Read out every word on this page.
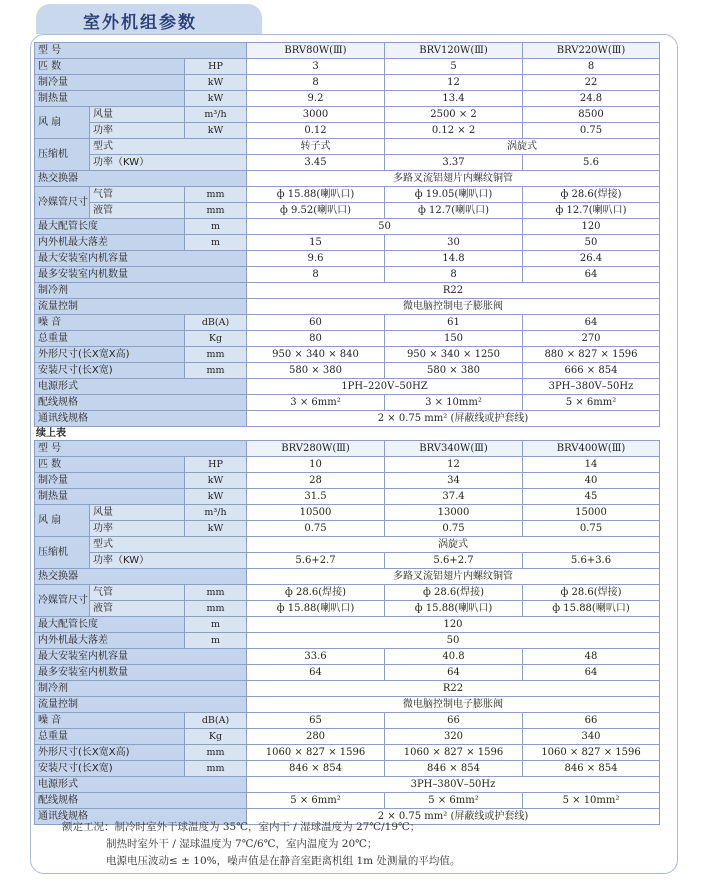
室外机组参数
型 号			BRV80W(Ⅲ)	BRV120W(Ⅲ)	BRV220W(Ⅲ)
匹 数		HP	3	5	8
制冷量		kW	8	12	22
制热量		kW	9.2	13.4	24.8
风 扇	风量	m³/h	3000	2500 × 2	8500
	功率	kW	0.12	0.12 × 2	0.75
压缩机	型式		转子式	涡旋式	
	功率（KW）		3.45	3.37	5.6
热交换器			多路叉流铝翅片内螺纹铜管		
冷媒管尺寸	气管	mm	ф 15.88(喇叭口)	ф 19.05(喇叭口)	ф 28.6(焊接)
	液管	mm	ф 9.52(喇叭口)	ф 12.7(喇叭口)	ф 12.7(喇叭口)
最大配管长度		m	50		120
内外机最大落差		m	15	30	50
最大安装室内机容量			9.6	14.8	26.4
最多安装室内机数量			8	8	64
制冷剂			R22		
流量控制			微电脑控制电子膨胀阀		
噪 音		dB(A)	60	61	64
总重量		Kg	80	150	270
外形尺寸(长X宽X高)		mm	950 × 340 × 840	950 × 340 × 1250	880 × 827 × 1596
安装尺寸(长X宽)		mm	580 × 380	580 × 380	666 × 854
电源形式			1PH–220V–50HZ		3PH–380V–50Hz
配线规格			3 × 6mm²	3 × 10mm²	5 × 6mm²
通讯线规格			2 × 0.75 mm² (屏蔽线或护套线)		
续上表
型 号			BRV280W(Ⅲ)	BRV340W(Ⅲ)	BRV400W(Ⅲ)
匹 数		HP	10	12	14
制冷量		kW	28	34	40
制热量		kW	31.5	37.4	45
风 扇	风量	m³/h	10500	13000	15000
	功率	kW	0.75	0.75	0.75
压缩机	型式		涡旋式		
	功率（KW）		5.6+2.7	5.6+2.7	5.6+3.6
热交换器			多路叉流铝翅片内螺纹铜管		
冷媒管尺寸	气管	mm	ф 28.6(焊接)	ф 28.6(焊接)	ф 28.6(焊接)
	液管	mm	ф 15.88(喇叭口)	ф 15.88(喇叭口)	ф 15.88(喇叭口)
最大配管长度		m	120		
内外机最大落差		m	50		
最大安装室内机容量			33.6	40.8	48
最多安装室内机数量			64	64	64
制冷剂			R22		
流量控制			微电脑控制电子膨胀阀		
噪 音		dB(A)	65	66	66
总重量		Kg	280	320	340
外形尺寸(长X宽X高)		mm	1060 × 827 × 1596	1060 × 827 × 1596	1060 × 827 × 1596
安装尺寸(长X宽)		mm	846 × 854	846 × 854	846 × 854
电源形式			3PH–380V–50Hz		
配线规格			5 × 6mm²	5 × 6mm²	5 × 10mm²
通讯线规格			2 × 0.75 mm² (屏蔽线或护套线)		
额定工况：制冷时室外干球温度为 35℃，室内干 / 湿球温度为 27℃/19℃；
制热时室外干 / 湿球温度为 7℃/6℃，室内温度为 20℃；
电源电压波动≤ ± 10%，噪声值是在静音室距离机组 1m 处测量的平均值。
